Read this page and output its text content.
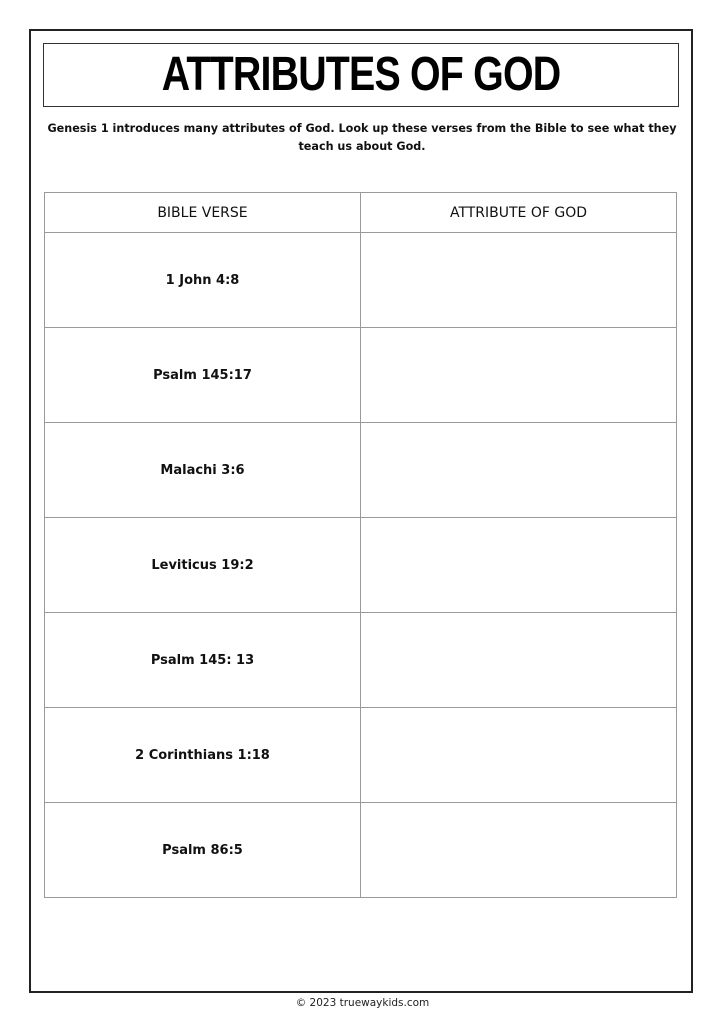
ATTRIBUTES OF GOD

Genesis 1 introduces many attributes of God. Look up these verses from the Bible to see what they teach us about God.

BIBLE VERSE	ATTRIBUTE OF GOD
1 John 4:8	
Psalm 145:17	
Malachi 3:6	
Leviticus 19:2	
Psalm 145: 13	
2 Corinthians 1:18	
Psalm 86:5	

© 2023 truewaykids.com
